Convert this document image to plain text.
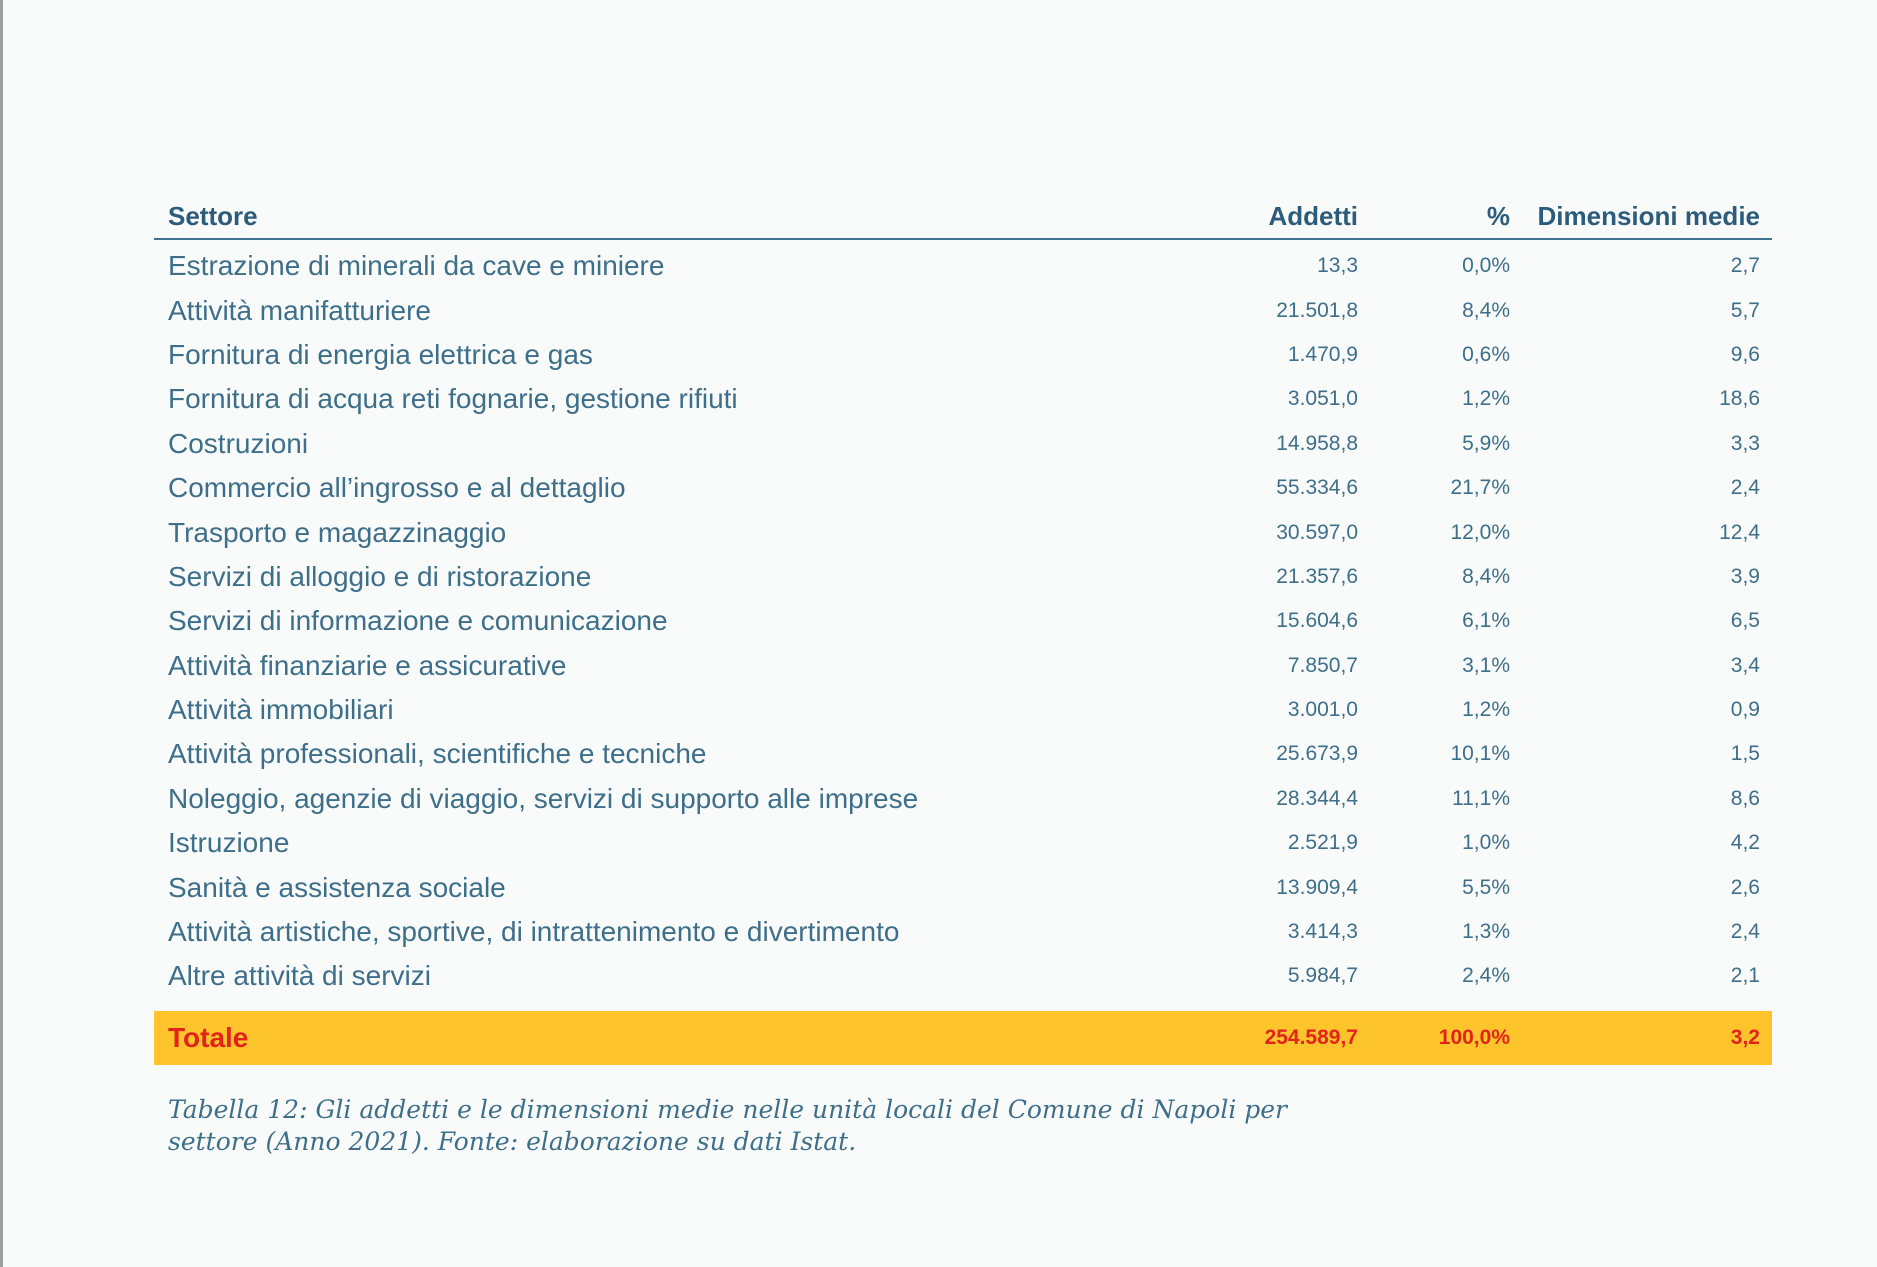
Settore	Addetti	%	Dimensioni medie
Estrazione di minerali da cave e miniere	13,3	0,0%	2,7
Attività manifatturiere	21.501,8	8,4%	5,7
Fornitura di energia elettrica e gas	1.470,9	0,6%	9,6
Fornitura di acqua reti fognarie, gestione rifiuti	3.051,0	1,2%	18,6
Costruzioni	14.958,8	5,9%	3,3
Commercio all’ingrosso e al dettaglio	55.334,6	21,7%	2,4
Trasporto e magazzinaggio	30.597,0	12,0%	12,4
Servizi di alloggio e di ristorazione	21.357,6	8,4%	3,9
Servizi di informazione e comunicazione	15.604,6	6,1%	6,5
Attività finanziarie e assicurative	7.850,7	3,1%	3,4
Attività immobiliari	3.001,0	1,2%	0,9
Attività professionali, scientifiche e tecniche	25.673,9	10,1%	1,5
Noleggio, agenzie di viaggio, servizi di supporto alle imprese	28.344,4	11,1%	8,6
Istruzione	2.521,9	1,0%	4,2
Sanità e assistenza sociale	13.909,4	5,5%	2,6
Attività artistiche, sportive, di intrattenimento e divertimento	3.414,3	1,3%	2,4
Altre attività di servizi	5.984,7	2,4%	2,1

Totale	254.589,7	100,0%	3,2
Tabella 12: Gli addetti e le dimensioni medie nelle unità locali del Comune di Napoli per settore (Anno 2021). Fonte: elaborazione su dati Istat.
